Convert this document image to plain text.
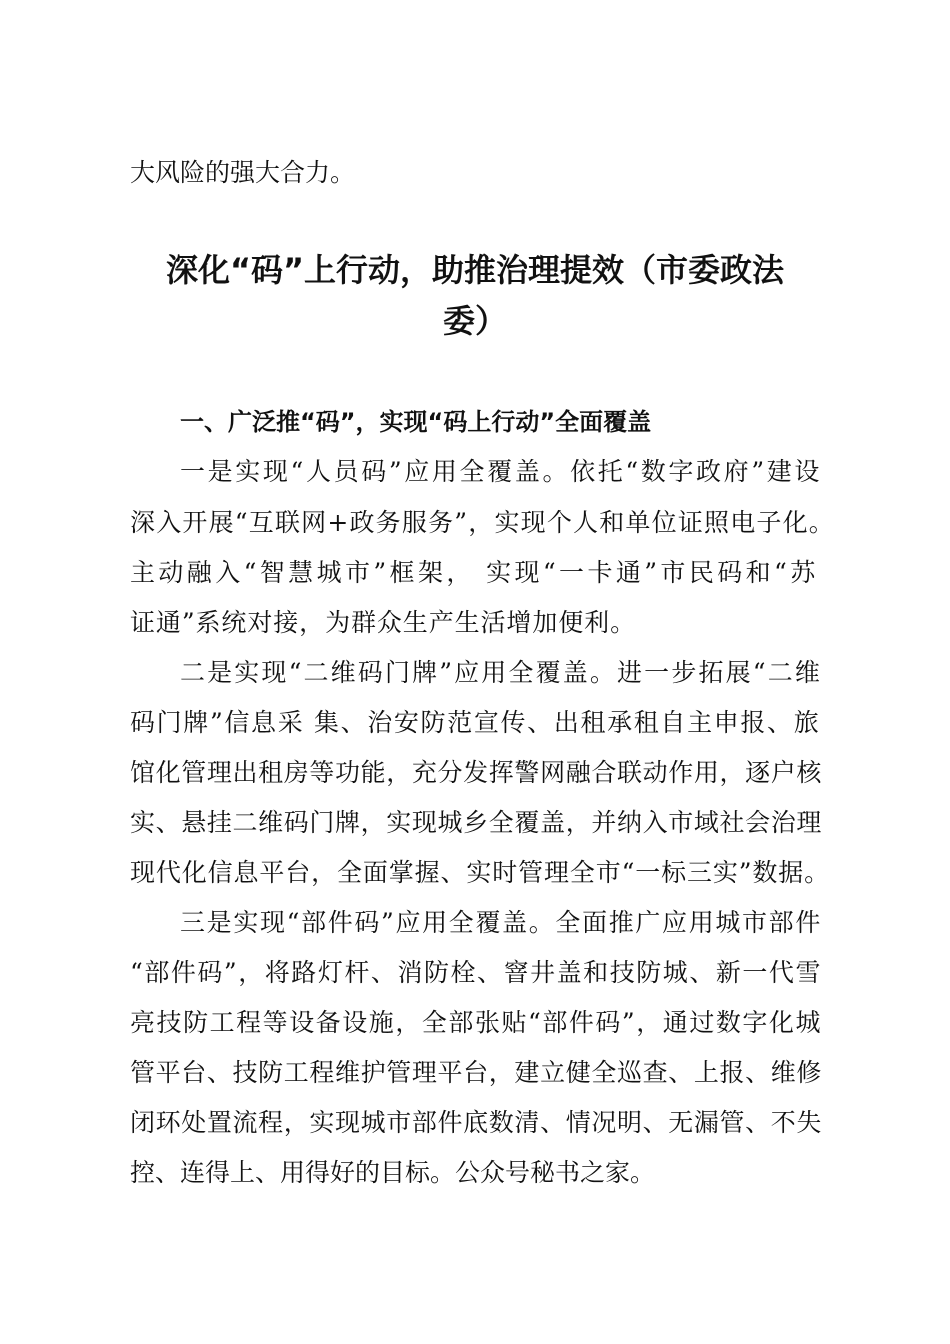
大风险的强大合力。

深化“码”上行动，助推治理提效（市委政法
委）

一、广泛推“码”，实现“码上行动”全面覆盖

一是实现“人员码”应用全覆盖。依托“数字政府”建设

深入开展“互联网+政务服务”，实现个人和单位证照电子化。

主动融入“智慧城市”框架， 实现“一卡通”市民码和“苏

证通”系统对接，为群众生产生活增加便利。

二是实现“二维码门牌”应用全覆盖。进一步拓展“二维

码门牌”信息采 集、治安防范宣传、出租承租自主申报、旅

馆化管理出租房等功能，充分发挥警网融合联动作用，逐户核

实、悬挂二维码门牌，实现城乡全覆盖，并纳入市域社会治理

现代化信息平台，全面掌握、实时管理全市“一标三实”数据。

三是实现“部件码”应用全覆盖。全面推广应用城市部件

“部件码”，将路灯杆、消防栓、窨井盖和技防城、新一代雪

亮技防工程等设备设施，全部张贴“部件码”，通过数字化城

管平台、技防工程维护管理平台，建立健全巡查、上报、维修

闭环处置流程，实现城市部件底数清、情况明、无漏管、不失

控、连得上、用得好的目标。公众号秘书之家。
